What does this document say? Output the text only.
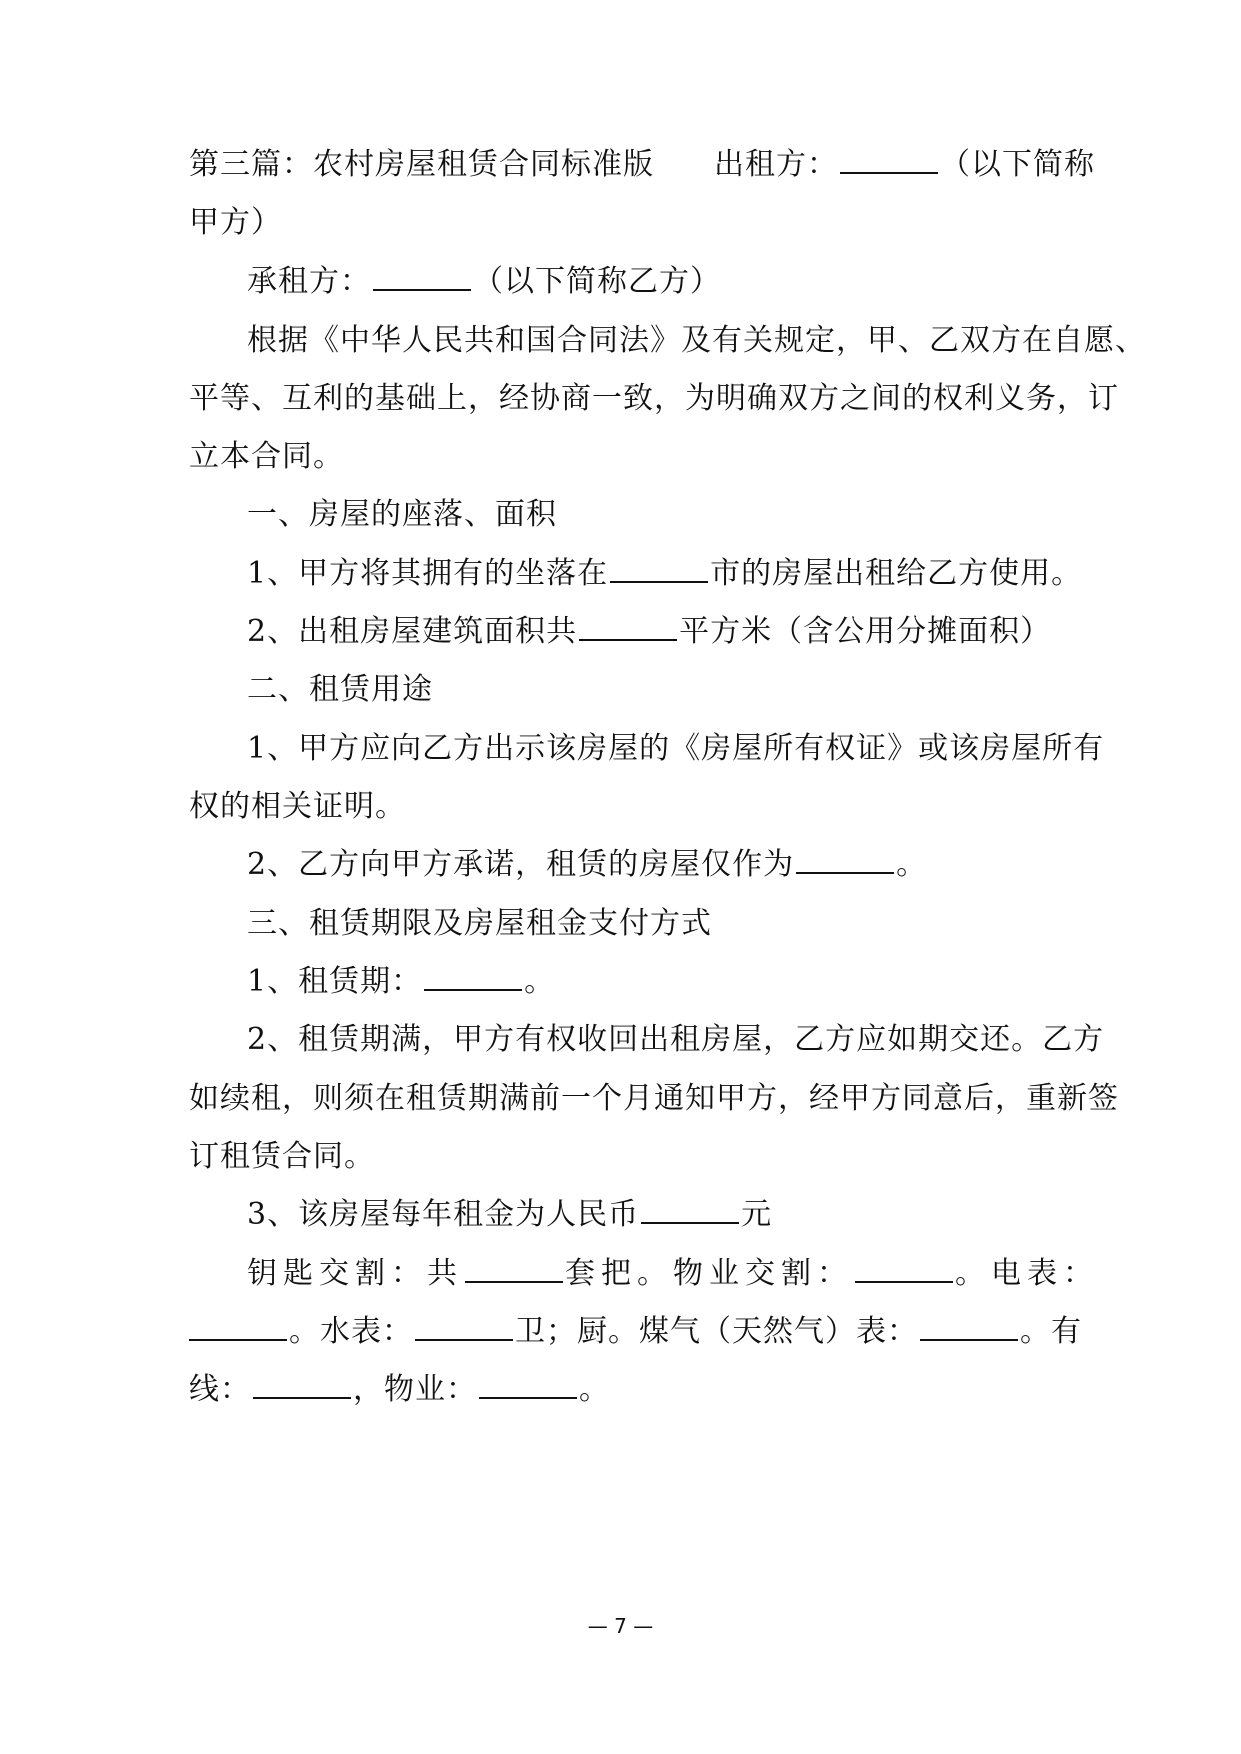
第三篇：农村房屋租赁合同标准版 出租方：	（以下简称
甲方）
承租方：	（以下简称乙方）
根据《中华人民共和国合同法》及有关规定，甲、乙双方在自愿、
平等、互利的基础上，经协商一致，为明确双方之间的权利义务，订
立本合同。
一、房屋的座落、面积
1、甲方将其拥有的坐落在	市的房屋出租给乙方使用。
2、出租房屋建筑面积共	平方米（含公用分摊面积）
二、租赁用途
1、甲方应向乙方出示该房屋的《房屋所有权证》或该房屋所有
权的相关证明。
2、乙方向甲方承诺，租赁的房屋仅作为	。
三、租赁期限及房屋租金支付方式
1、租赁期：	。
2、租赁期满，甲方有权收回出租房屋，乙方应如期交还。乙方
如续租，则须在租赁期满前一个月通知甲方，经甲方同意后，重新签
订租赁合同。
3、该房屋每年租金为人民币	元
钥匙交割：共	套把。物业交割：	。电表：
。水表：	卫；厨。煤气（天然气）表：	。有
线：	，物业：	。
— 7 —
